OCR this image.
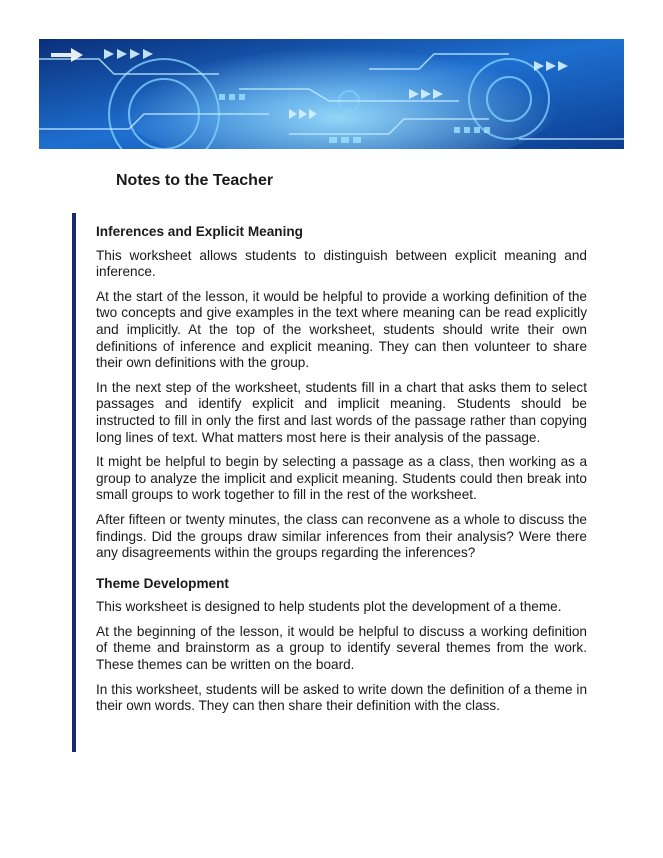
Notes to the Teacher
Inferences and Explicit Meaning

This worksheet allows students to distinguish between explicit meaning and inference.

At the start of the lesson, it would be helpful to provide a working definition of the two concepts and give examples in the text where meaning can be read explicitly and implicitly. At the top of the worksheet, students should write their own definitions of inference and explicit meaning. They can then volunteer to share their own definitions with the group.

In the next step of the worksheet, students fill in a chart that asks them to select passages and identify explicit and implicit meaning. Students should be instructed to fill in only the first and last words of the passage rather than copying long lines of text. What matters most here is their analysis of the passage.

It might be helpful to begin by selecting a passage as a class, then working as a group to analyze the implicit and explicit meaning. Students could then break into small groups to work together to fill in the rest of the worksheet.

After fifteen or twenty minutes, the class can reconvene as a whole to discuss the findings. Did the groups draw similar inferences from their analysis? Were there any disagreements within the groups regarding the inferences?

Theme Development

This worksheet is designed to help students plot the development of a theme.

At the beginning of the lesson, it would be helpful to discuss a working definition of theme and brainstorm as a group to identify several themes from the work. These themes can be written on the board.

In this worksheet, students will be asked to write down the definition of a theme in their own words. They can then share their definition with the class.
